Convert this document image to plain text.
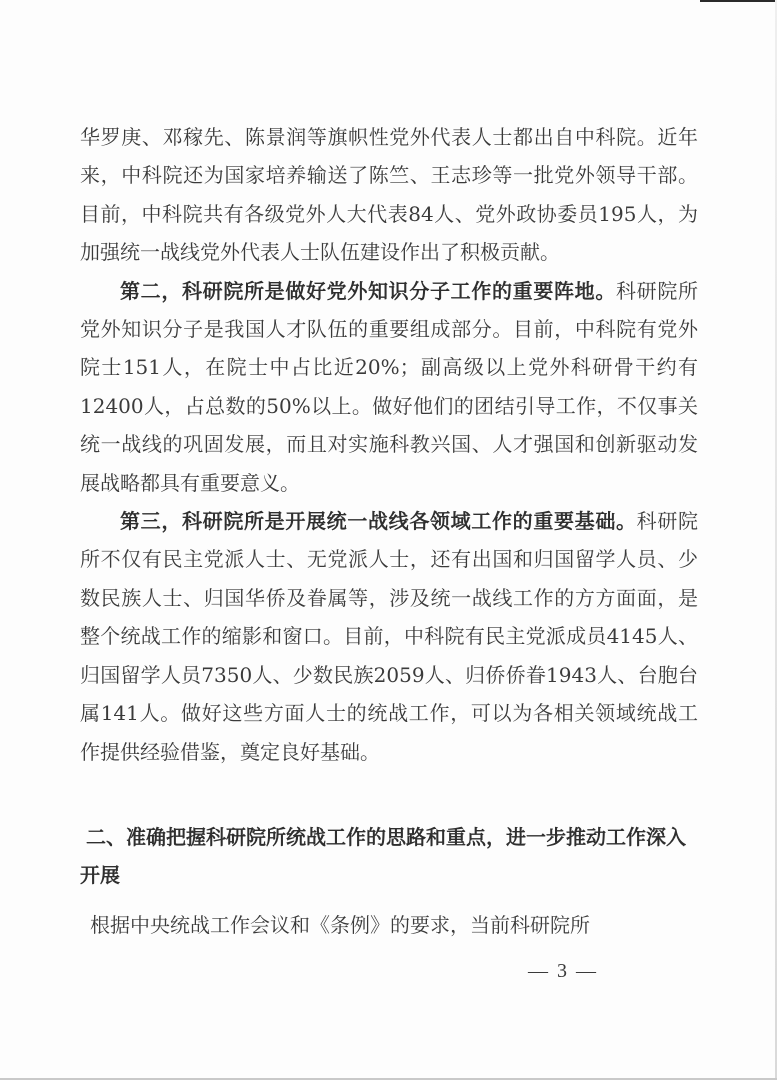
华罗庚、邓稼先、陈景润等旗帜性党外代表人士都出自中科院。近年来，中科院还为国家培养输送了陈竺、王志珍等一批党外领导干部。目前，中科院共有各级党外人大代表84人、党外政协委员195人，为加强统一战线党外代表人士队伍建设作出了积极贡献。

第二，科研院所是做好党外知识分子工作的重要阵地。科研院所党外知识分子是我国人才队伍的重要组成部分。目前，中科院有党外院士151人，在院士中占比近20%；副高级以上党外科研骨干约有12400人，占总数的50%以上。做好他们的团结引导工作，不仅事关统一战线的巩固发展，而且对实施科教兴国、人才强国和创新驱动发展战略都具有重要意义。

第三，科研院所是开展统一战线各领域工作的重要基础。科研院所不仅有民主党派人士、无党派人士，还有出国和归国留学人员、少数民族人士、归国华侨及眷属等，涉及统一战线工作的方方面面，是整个统战工作的缩影和窗口。目前，中科院有民主党派成员4145人、归国留学人员7350人、少数民族2059人、归侨侨眷1943人、台胞台属141人。做好这些方面人士的统战工作，可以为各相关领域统战工作提供经验借鉴，奠定良好基础。

二、准确把握科研院所统战工作的思路和重点，进一步推动工作深入开展
根据中央统战工作会议和《条例》的要求，当前科研院所
— 3 —
